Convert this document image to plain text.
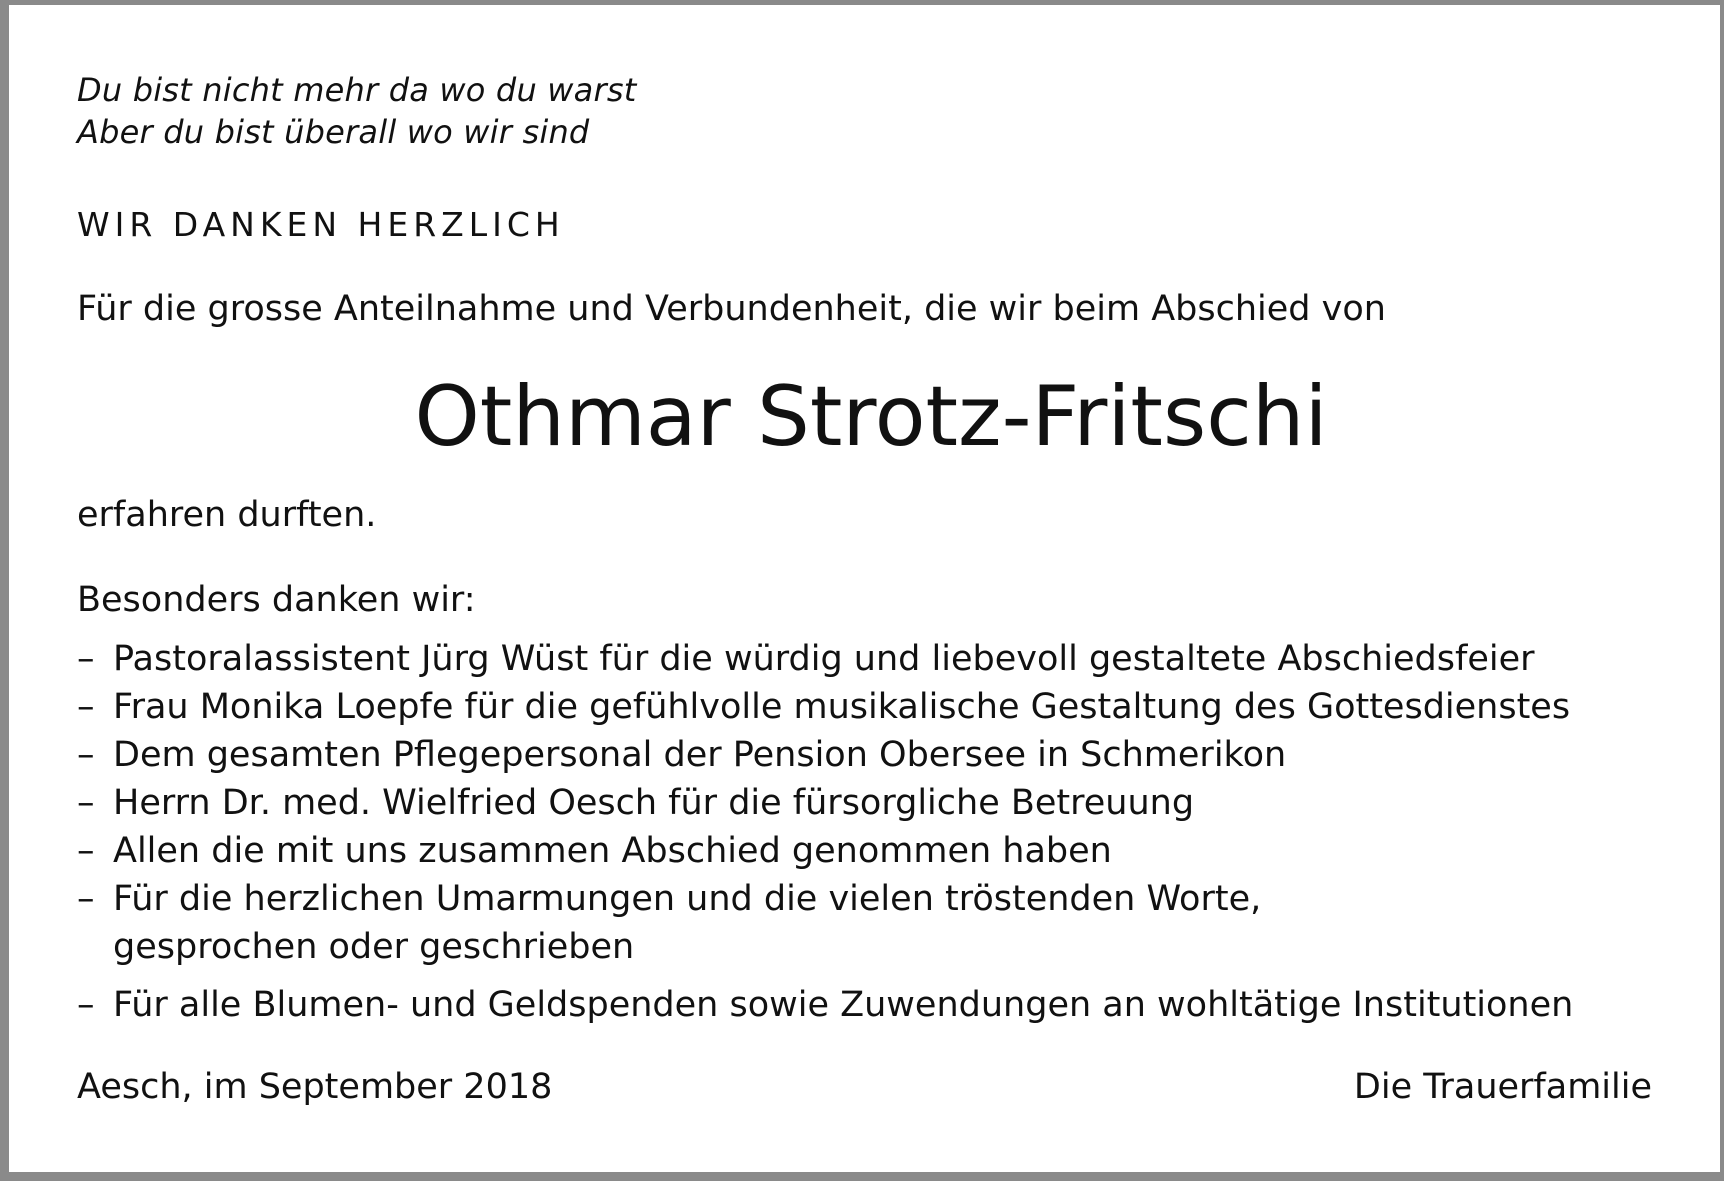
Du bist nicht mehr da wo du warst
Aber du bist überall wo wir sind
WIR DANKEN HERZLICH
Für die grosse Anteilnahme und Verbundenheit, die wir beim Abschied von
Othmar Strotz-Fritschi
erfahren durften.
Besonders danken wir:
– Pastoralassistent Jürg Wüst für die würdig und liebevoll gestaltete Abschiedsfeier
– Frau Monika Loepfe für die gefühlvolle musikalische Gestaltung des Gottesdienstes
– Dem gesamten Pflegepersonal der Pension Obersee in Schmerikon
– Herrn Dr. med. Wielfried Oesch für die fürsorgliche Betreuung
– Allen die mit uns zusammen Abschied genommen haben
– Für die herzlichen Umarmungen und die vielen tröstenden Worte,
gesprochen oder geschrieben
– Für alle Blumen- und Geldspenden sowie Zuwendungen an wohltätige Institutionen
Aesch, im September 2018	Die Trauerfamilie
